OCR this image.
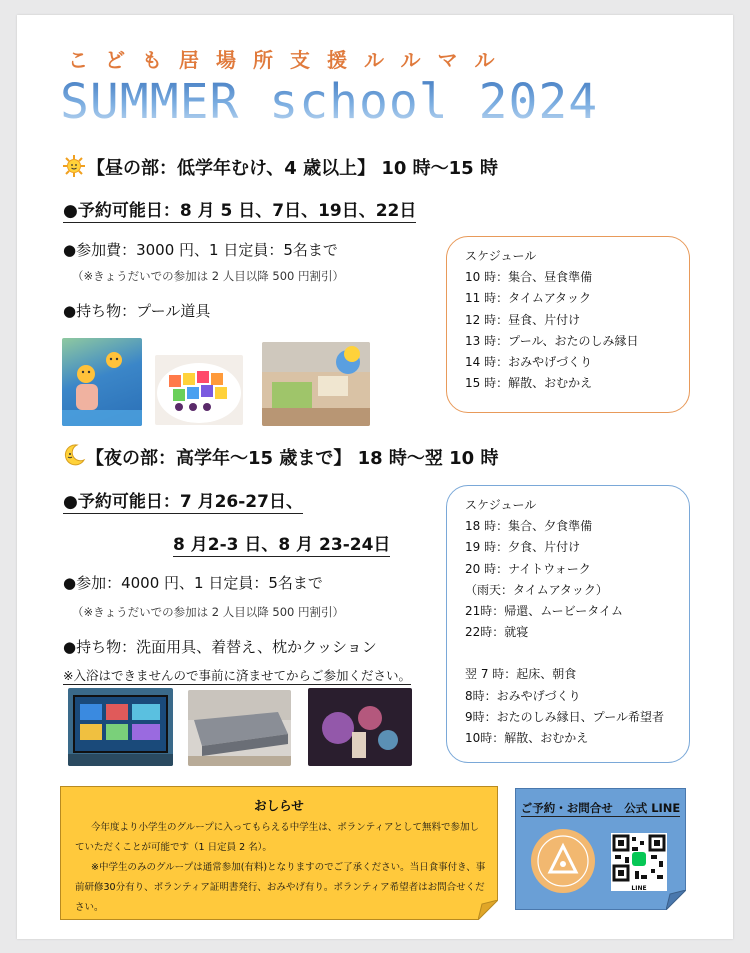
こども居場所支援ルルマル
SUMMER school 2024
【昼の部：低学年むけ、4 歳以上】 10 時～15 時
●予約可能日：8 月 5 日、7日、19日、22日
●参加費：3000 円、1 日定員：5名まで
（※きょうだいでの参加は 2 人目以降 500 円割引）
●持ち物：プール道具
スケジュール
10 時：集合、昼食準備
11 時：タイムアタック
12 時：昼食、片付け
13 時：プール、おたのしみ縁日
14 時：おみやげづくり
15 時：解散、おむかえ
【夜の部：高学年～15 歳まで】 18 時～翌 10 時
●予約可能日：7 月26-27日、
8 月2-3 日、8 月 23-24日
●参加：4000 円、1 日定員：5名まで
（※きょうだいでの参加は 2 人目以降 500 円割引）
●持ち物：洗面用具、着替え、枕かクッション
※入浴はできませんので事前に済ませてからご参加ください。
スケジュール
18 時：集合、夕食準備
19 時：夕食、片付け
20 時：ナイトウォーク
（雨天：タイムアタック）
21時：帰還、ムービータイム
22時：就寝
翌 7 時：起床、朝食
8時：おみやげづくり
9時：おたのしみ縁日、プール希望者
10時：解散、おむかえ
おしらせ
今年度より小学生のグループに入ってもらえる中学生は、ボランティアとして無料で参加していただくことが可能です（1 日定員 2 名）。
※中学生のみのグループは通常参加(有料)となりますのでご了承ください。当日食事付き、事前研修30分有り、ボランティア証明書発行、おみやげ有り。ボランティア希望者はお問合せください。
ご予約・お問合せ　公式 LINE
LINE
